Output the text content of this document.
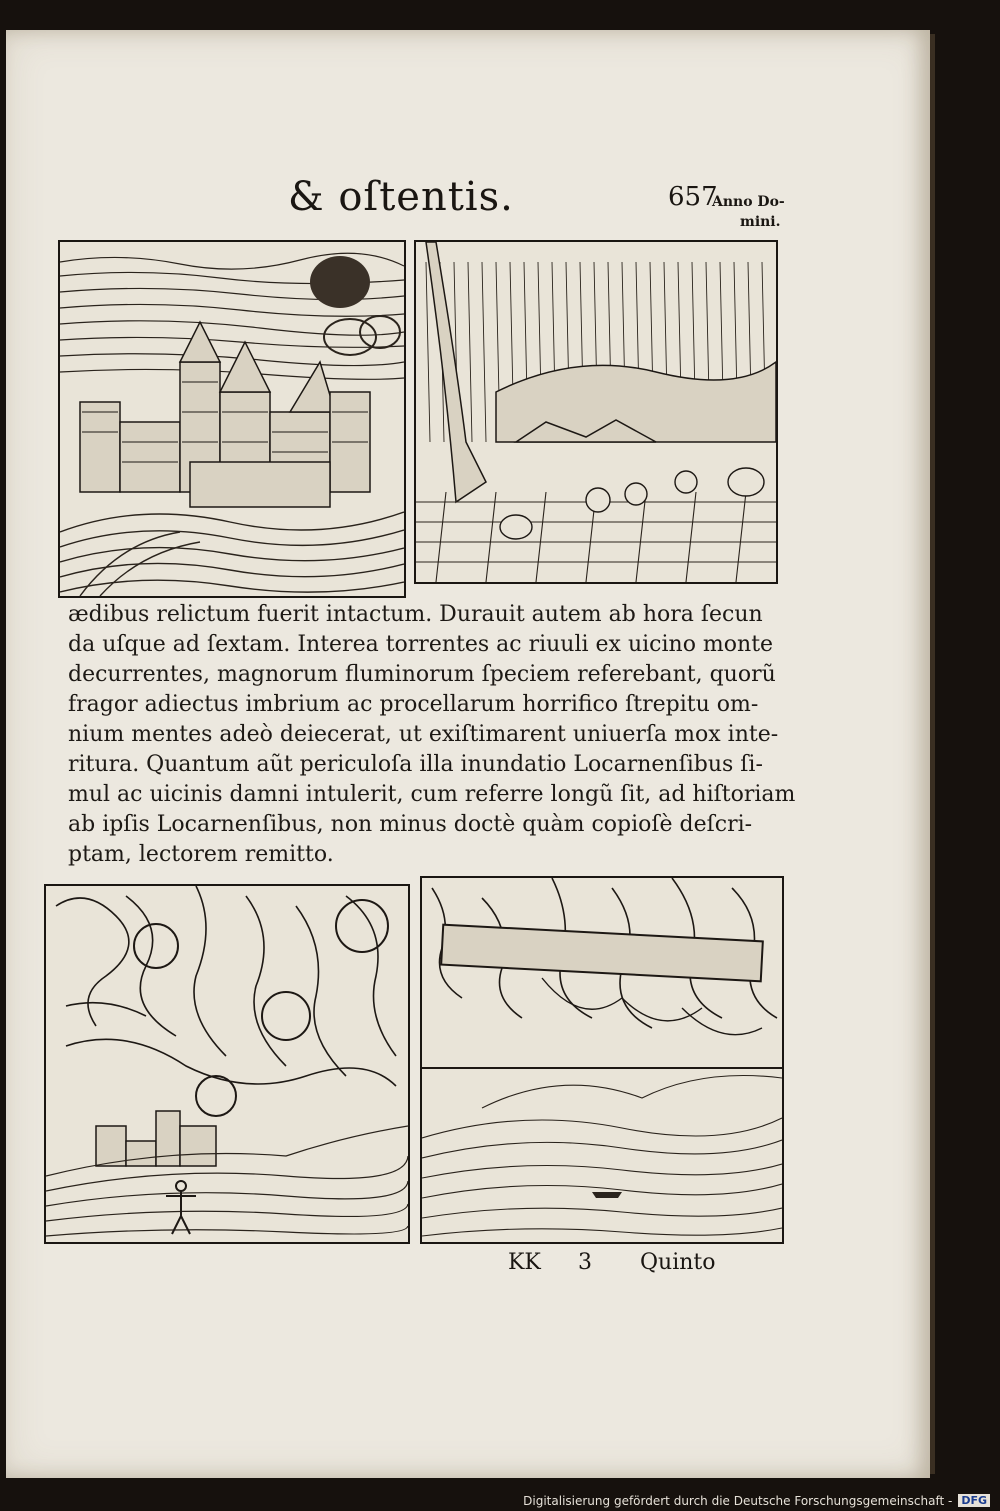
& oſtentis.	657
Anno Do-
mini.
ædibus relictum fuerit intactum. Durauit autem ab hora ſecun
da uſque ad ſextam. Interea torrentes ac riuuli ex uicino monte
decurrentes, magnorum fluminorum ſpeciem referebant, quorũ
fragor adiectus imbrium ac procellarum horrifico ſtrepitu om-
nium mentes adeò deiecerat, ut exiſtimarent uniuerſa mox inte-
ritura. Quantum aũt periculoſa illa inundatio Locarnenſibus ſi-
mul ac uicinis damni intulerit, cum referre longũ ſit, ad hiſtoriam
ab ipſis Locarnenſibus, non minus doctè quàm copioſè deſcri-
ptam, lectorem remitto.
KK 3 Quinto
Digitalisierung gefördert durch die Deutsche Forschungsgemeinschaft - DFG
